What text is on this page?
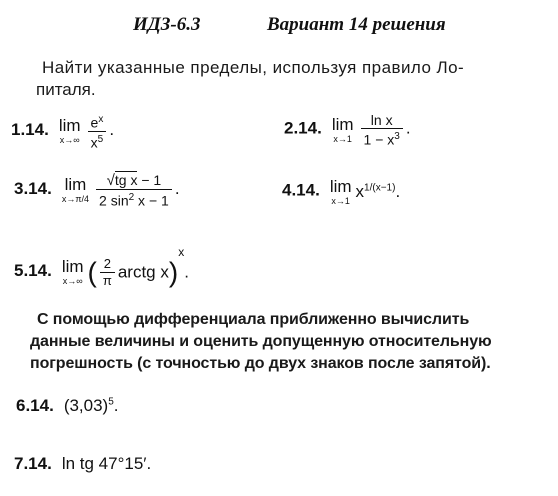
ИДЗ-6.3	Вариант 14 решения
Найти указанные пределы, используя правило Ло-
питаля.
1.14. lim
x→∞
$\frac{e^x}{x^5}$ .	2.14. lim
x→1
$\frac{\text{ln x}}{1 - x^3}$ .
3.14. lim
x→π/4
$\frac{\text{√tg x − 1}}{2 \sin^2 x - 1}$ .	4.14. lim
x→1 $x^{1/(x-1)}$.
5.14. lim
x→∞ ( $\frac{2}{\pi}$ arctg x)$^x$.
С помощью дифференциала приближенно вычислить
данные величины и оценить допущенную относительную
погрешность (с точностью до двух знаков после запятой).
6.14. $(3,03)^5$.
7.14. ln tg 47°15′.
